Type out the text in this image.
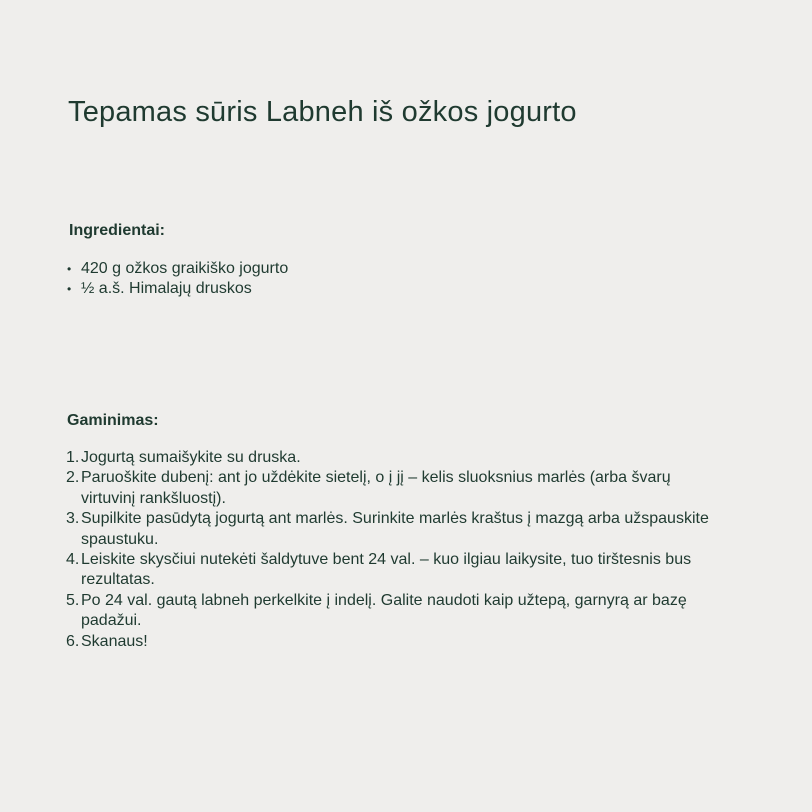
Tepamas sūris Labneh iš ožkos jogurto
Ingredientai:
• 420 g ožkos graikiško jogurto
• ½ a.š. Himalajų druskos
Gaminimas:
1. Jogurtą sumaišykite su druska.
2. Paruoškite dubenį: ant jo uždėkite sietelį, o į jį – kelis sluoksnius marlės (arba švarų virtuvinį rankšluostį).
3. Supilkite pasūdytą jogurtą ant marlės. Surinkite marlės kraštus į mazgą arba užspauskite spaustuku.
4. Leiskite skysčiui nutekėti šaldytuve bent 24 val. – kuo ilgiau laikysite, tuo tirštesnis bus rezultatas.
5. Po 24 val. gautą labneh perkelkite į indelį. Galite naudoti kaip užtepą, garnyrą ar bazę padažui.
6. Skanaus!
